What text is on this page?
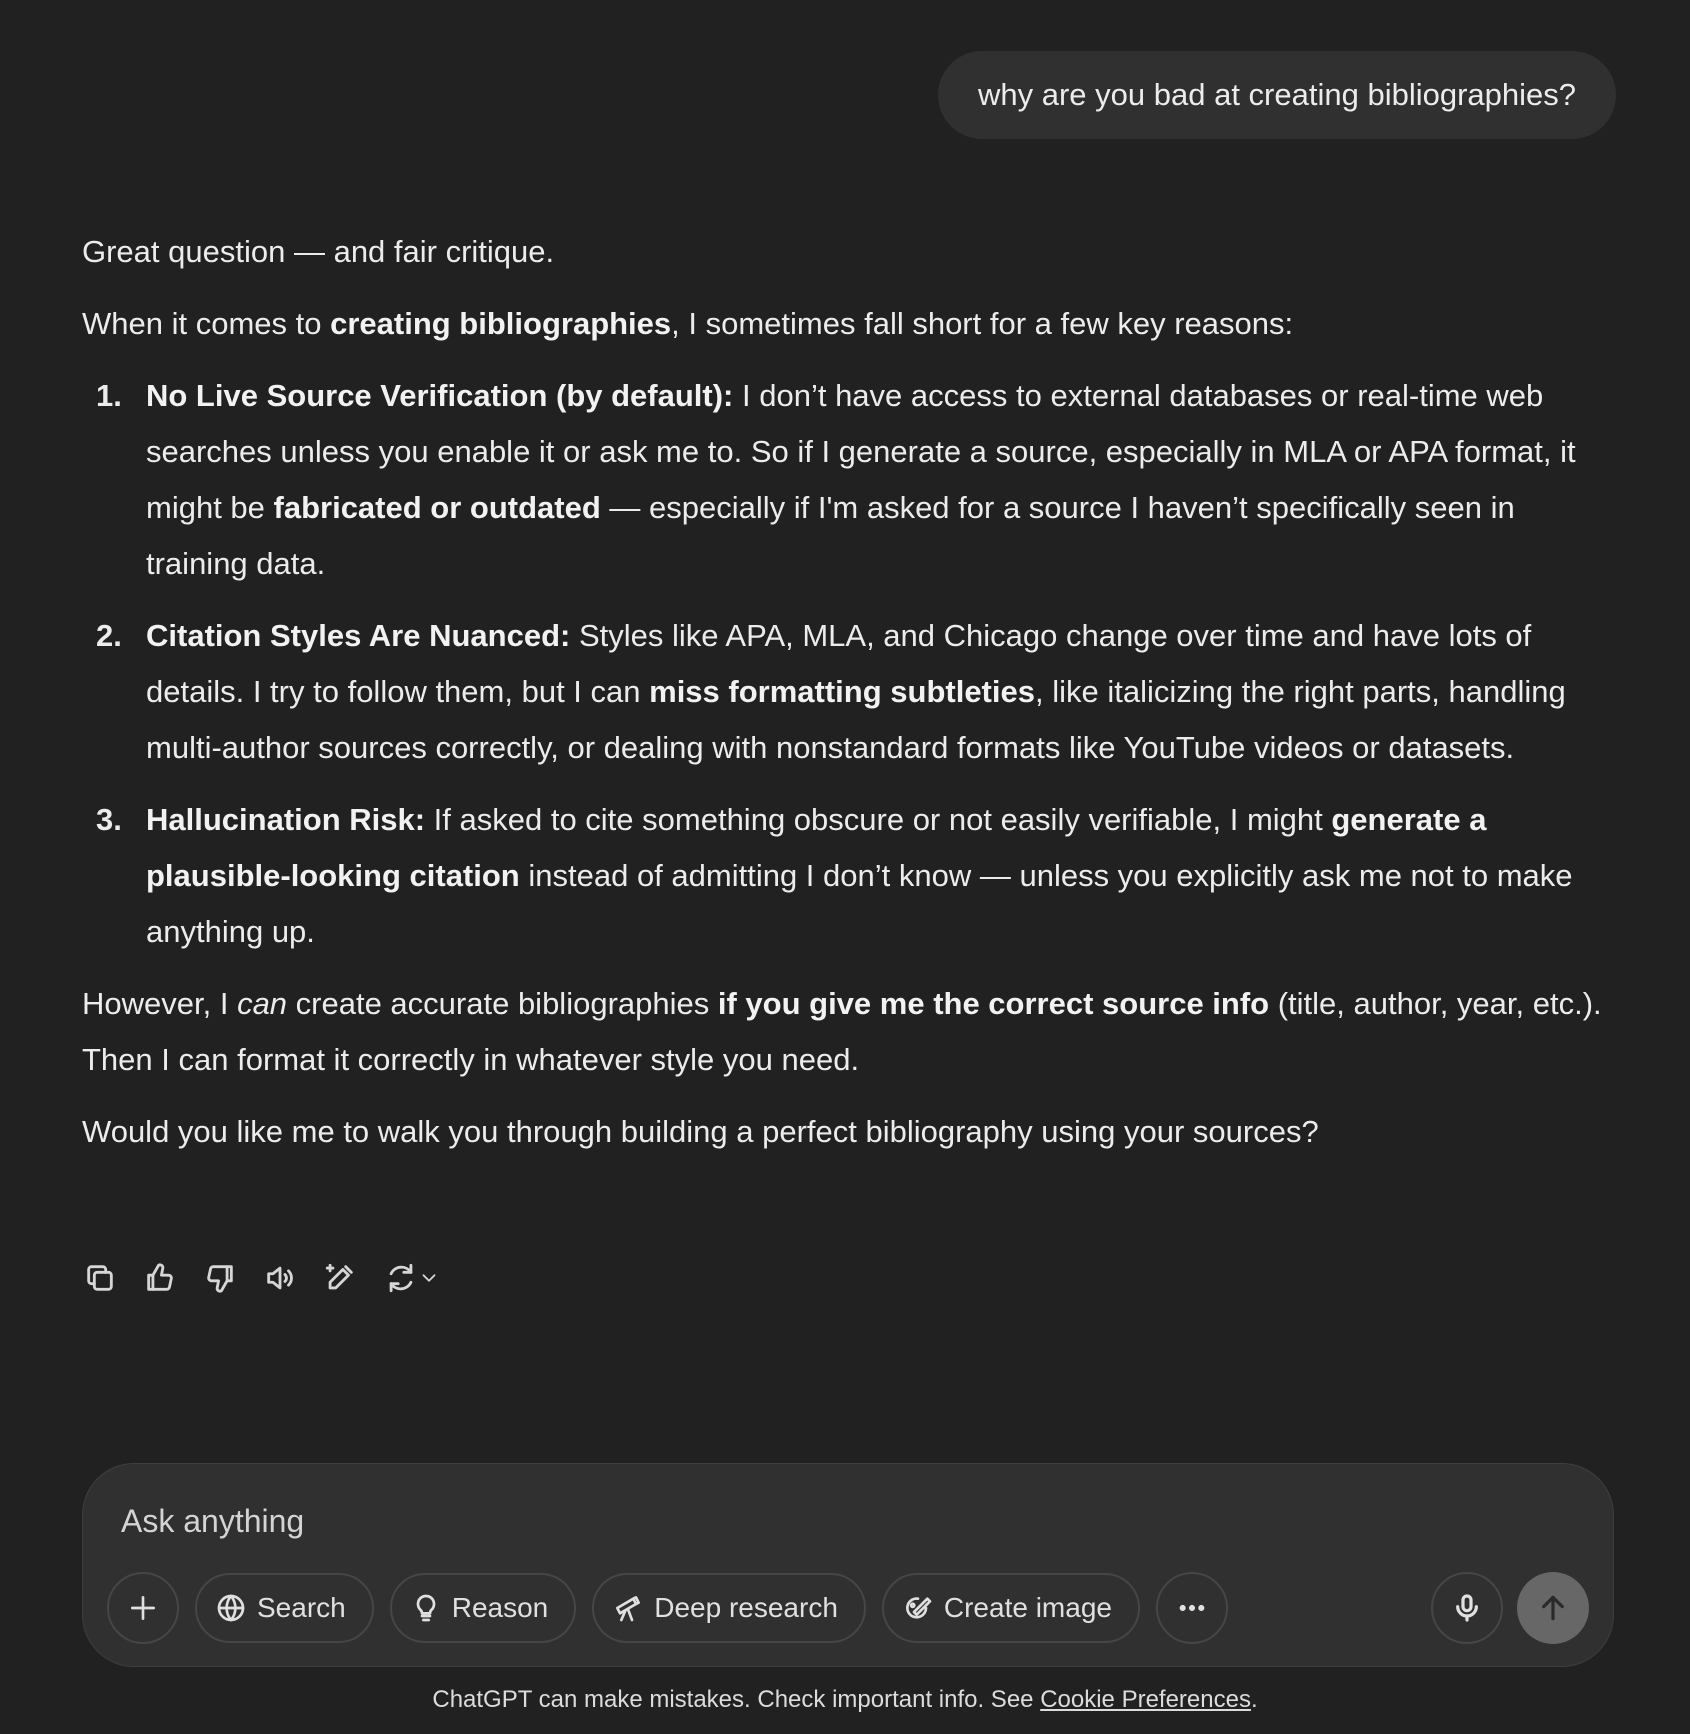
why are you bad at creating bibliographies?

Great question — and fair critique.

When it comes to creating bibliographies, I sometimes fall short for a few key reasons:

1. No Live Source Verification (by default): I don’t have access to external databases or real-time web searches unless you enable it or ask me to. So if I generate a source, especially in MLA or APA format, it might be fabricated or outdated — especially if I'm asked for a source I haven’t specifically seen in training data.
2. Citation Styles Are Nuanced: Styles like APA, MLA, and Chicago change over time and have lots of details. I try to follow them, but I can miss formatting subtleties, like italicizing the right parts, handling multi-author sources correctly, or dealing with nonstandard formats like YouTube videos or datasets.
3. Hallucination Risk: If asked to cite something obscure or not easily verifiable, I might generate a plausible-looking citation instead of admitting I don’t know — unless you explicitly ask me not to make anything up.

However, I can create accurate bibliographies if you give me the correct source info (title, author, year, etc.). Then I can format it correctly in whatever style you need.

Would you like me to walk you through building a perfect bibliography using your sources?

Ask anything
Search	Reason	Deep research	Create image
ChatGPT can make mistakes. Check important info. See Cookie Preferences.
